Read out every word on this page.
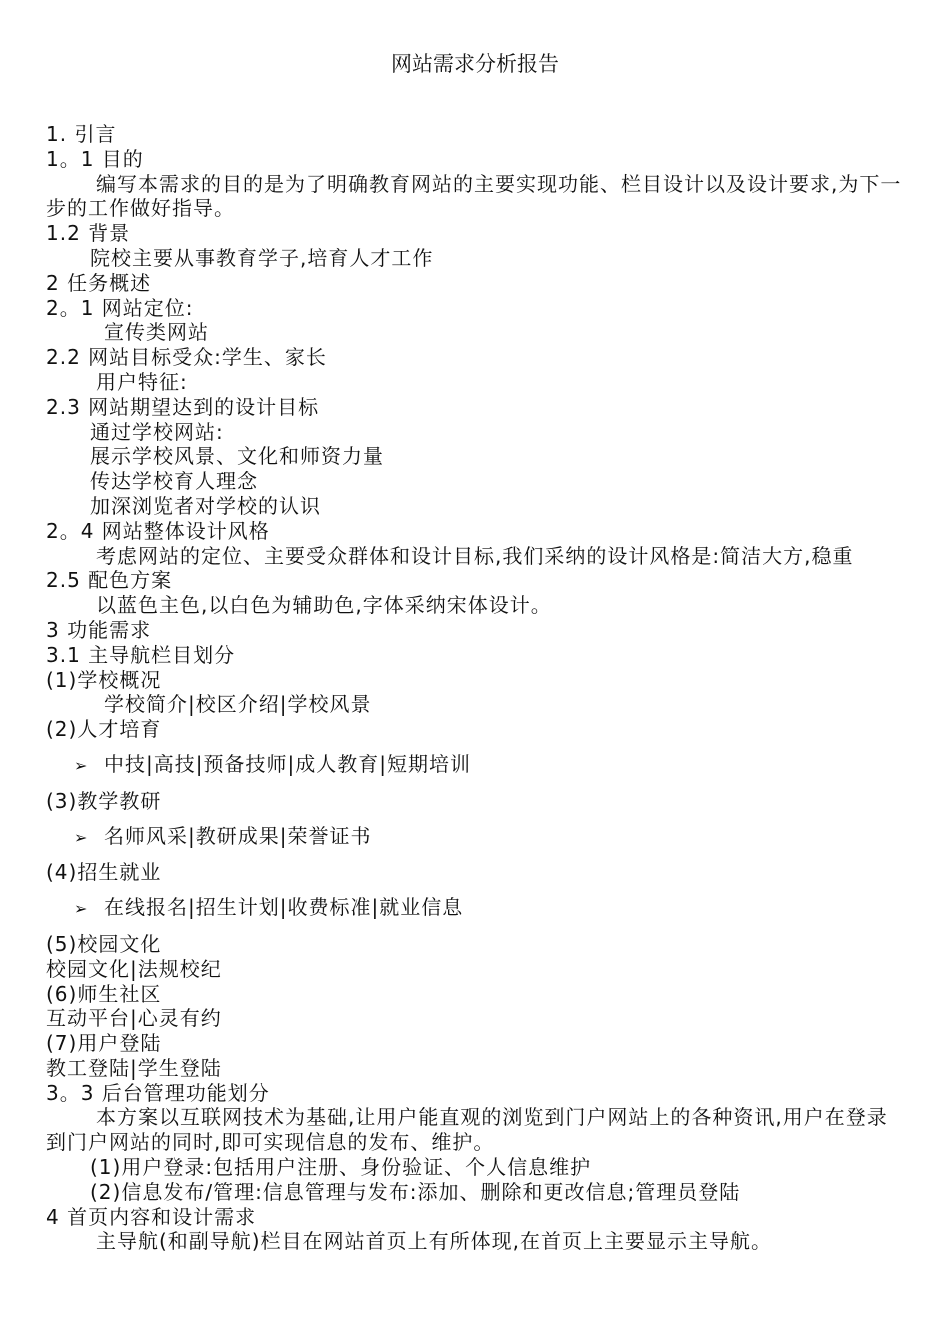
网站需求分析报告
1. 引言
1。1 目的
编写本需求的目的是为了明确教育网站的主要实现功能、栏目设计以及设计要求,为下一步的工作做好指导。
1.2 背景
院校主要从事教育学子,培育人才工作
2 任务概述
2。1 网站定位:
宣传类网站
2.2 网站目标受众:学生、家长
用户特征:
2.3 网站期望达到的设计目标
通过学校网站:
展示学校风景、文化和师资力量
传达学校育人理念
加深浏览者对学校的认识
2。4 网站整体设计风格
考虑网站的定位、主要受众群体和设计目标,我们采纳的设计风格是:简洁大方,稳重
2.5 配色方案
以蓝色主色,以白色为辅助色,字体采纳宋体设计。
3 功能需求
3.1 主导航栏目划分
(1)学校概况
学校简介|校区介绍|学校风景
(2)人才培育
➢ 中技|高技|预备技师|成人教育|短期培训
(3)教学教研
➢ 名师风采|教研成果|荣誉证书
(4)招生就业
➢ 在线报名|招生计划|收费标准|就业信息
(5)校园文化
校园文化|法规校纪
(6)师生社区
互动平台|心灵有约
(7)用户登陆
教工登陆|学生登陆
3。3 后台管理功能划分
本方案以互联网技术为基础,让用户能直观的浏览到门户网站上的各种资讯,用户在登录到门户网站的同时,即可实现信息的发布、维护。
(1)用户登录:包括用户注册、身份验证、个人信息维护
(2)信息发布/管理:信息管理与发布:添加、删除和更改信息;管理员登陆
4 首页内容和设计需求
主导航(和副导航)栏目在网站首页上有所体现,在首页上主要显示主导航。
